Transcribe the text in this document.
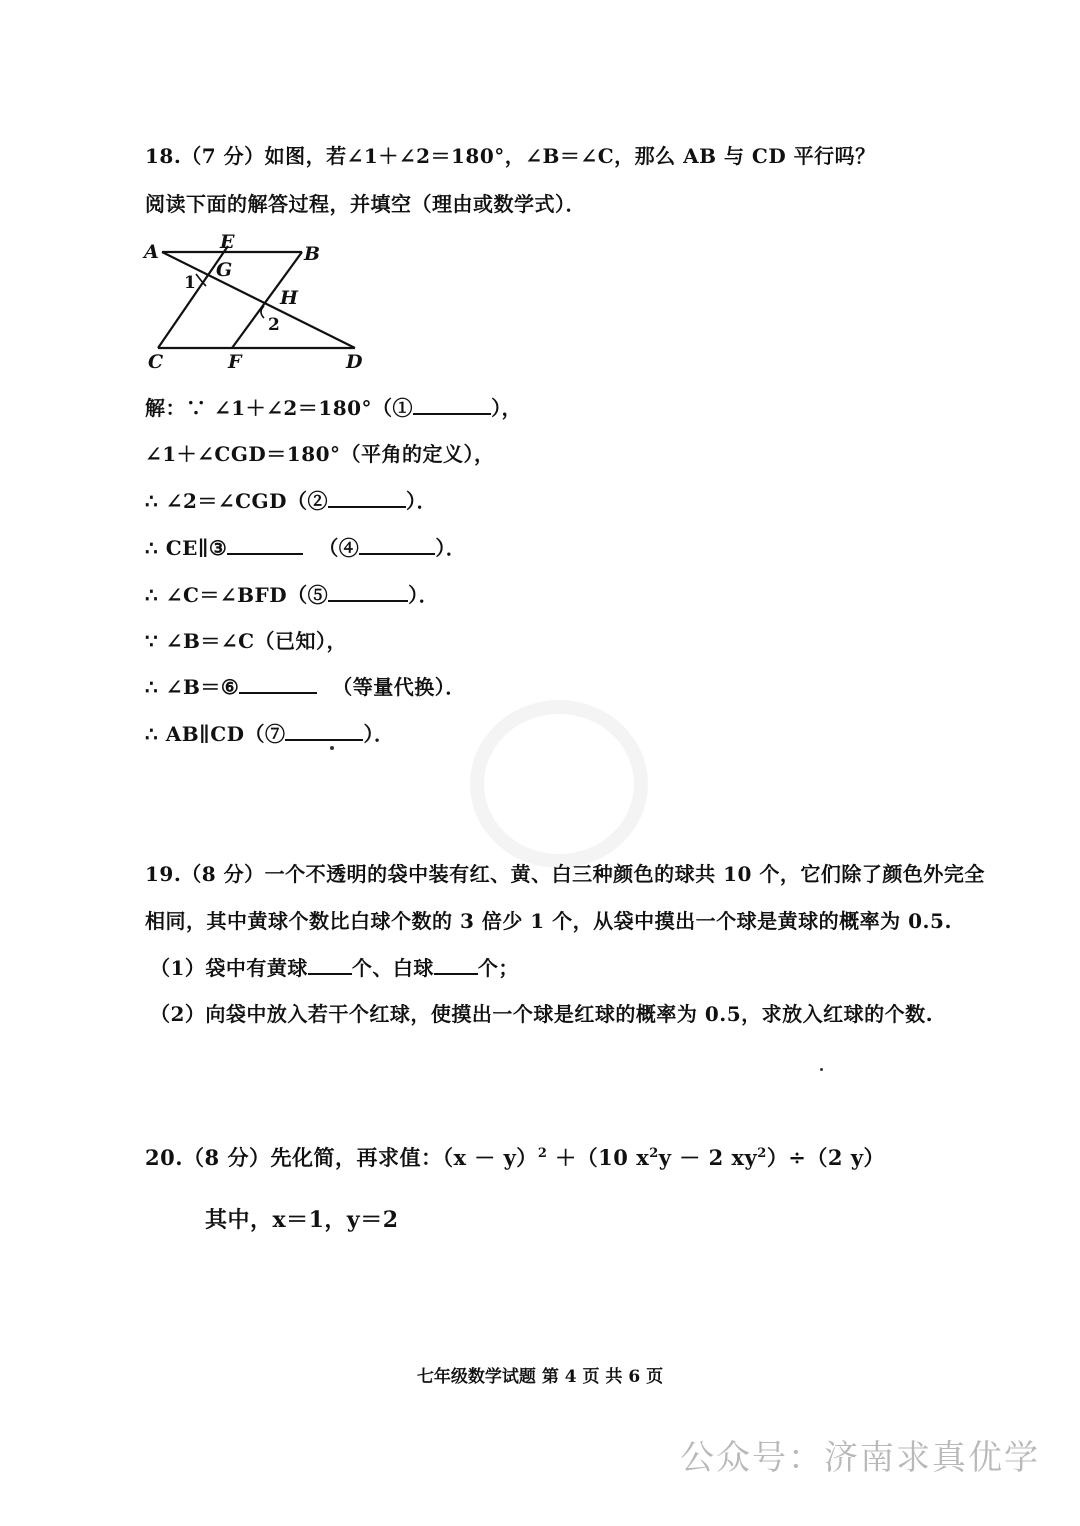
18.（7 分）如图，若∠1＋∠2＝180°，∠B＝∠C，那么 AB 与 CD 平行吗？
阅读下面的解答过程，并填空（理由或数学式）．
A	E
B
G
1
H
2
C	F	D
解：∵ ∠1＋∠2＝180°（①	），
∠1＋∠CGD＝180°（平角的定义），
∴ ∠2＝∠CGD（②	）．
∴ CE∥③	（④	）．
∴ ∠C＝∠BFD（⑤	）．
∵ ∠B＝∠C（已知），
∴ ∠B＝⑥	（等量代换）．
∴ AB∥CD（⑦	）．
19.（8 分）一个不透明的袋中装有红、黄、白三种颜色的球共 10 个，它们除了颜色外完全
相同，其中黄球个数比白球个数的 3 倍少 1 个，从袋中摸出一个球是黄球的概率为 0.5.
（1）袋中有黄球 个、白球 个；
（2）向袋中放入若干个红球，使摸出一个球是红球的概率为 0.5，求放入红球的个数.
20.（8 分）先化简，再求值：$(x - y)^2 +(10$ $x^2y - 2$ $xy^2)\div(2$ y）
其中，x＝1，y＝2
七年级数学试题 第 4 页 共 6 页
公众号：济南求真优学
